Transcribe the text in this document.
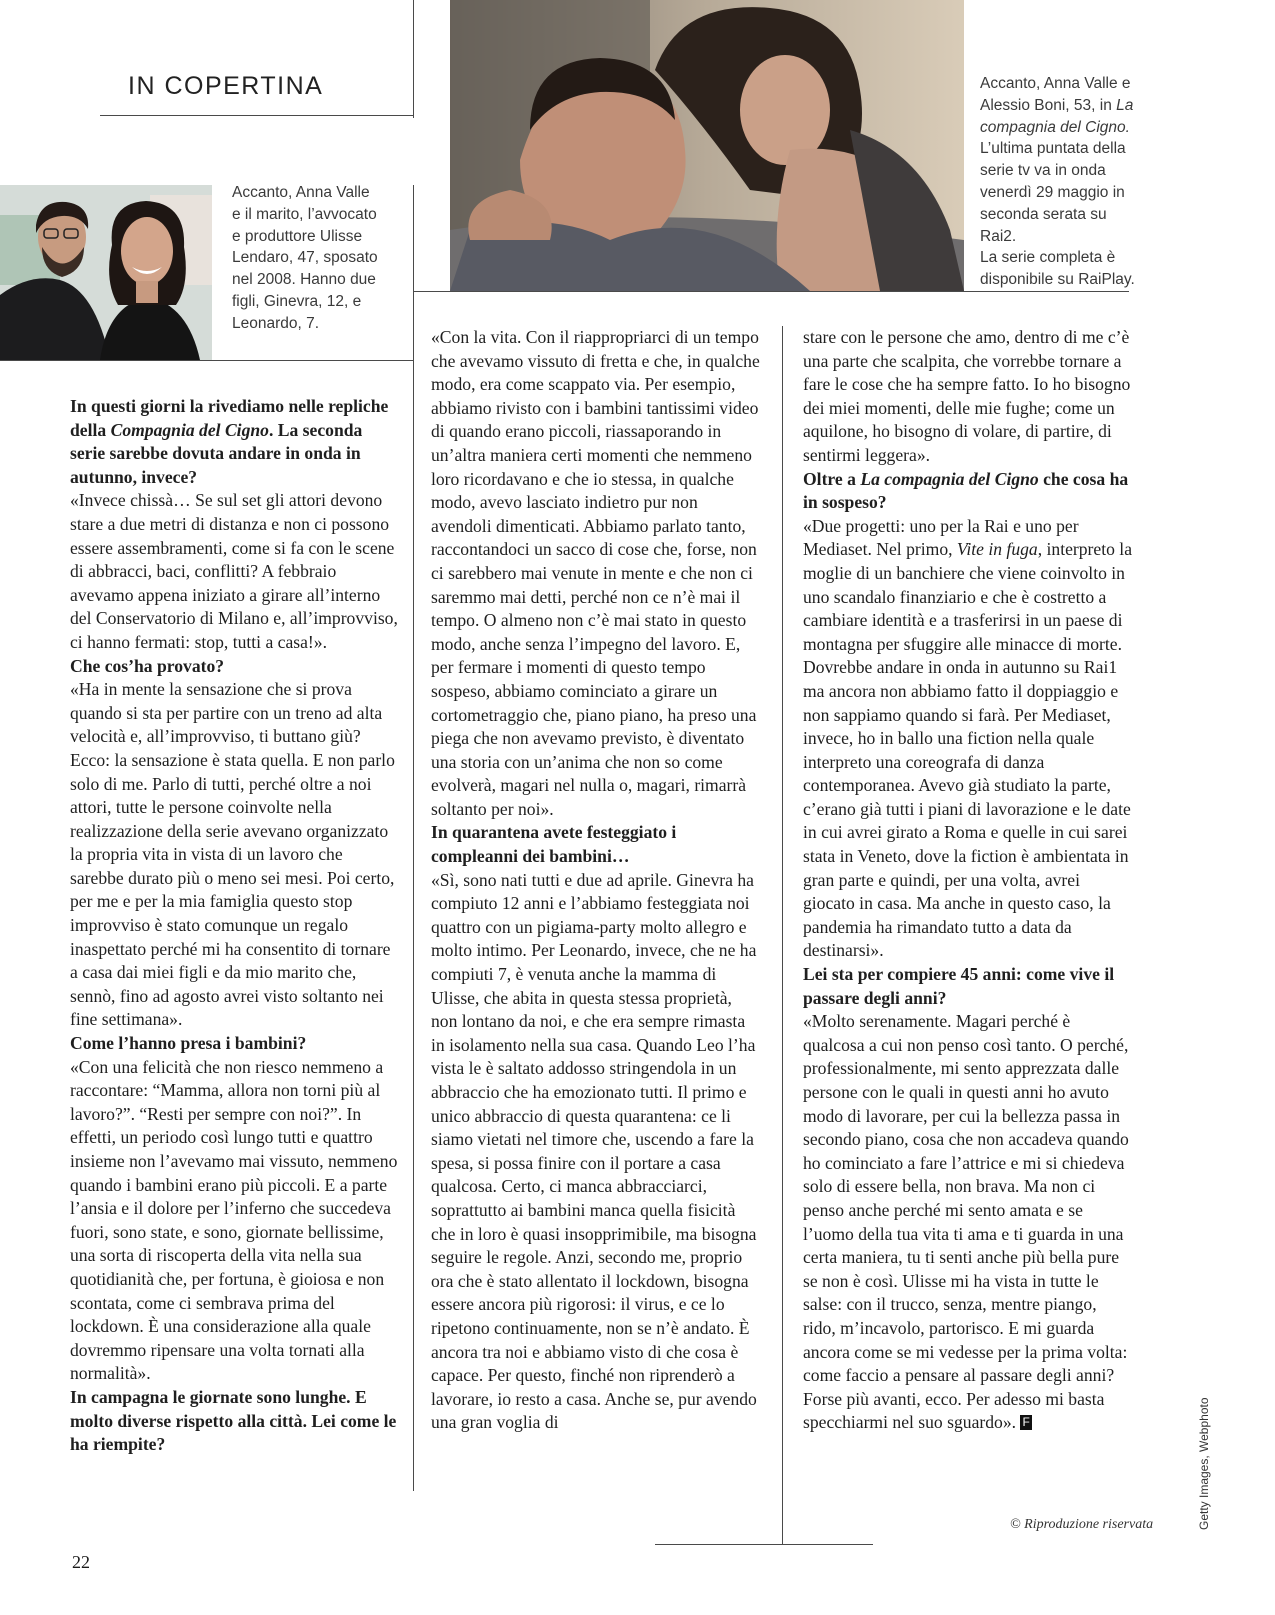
IN COPERTINA
Accanto, Anna Valle
e il marito, l’avvocato
e produttore Ulisse
Lendaro, 47, sposato
nel 2008. Hanno due
figli, Ginevra, 12, e
Leonardo, 7.
Accanto, Anna Valle e
Alessio Boni, 53, in La
compagnia del Cigno.
L’ultima puntata della
serie tv va in onda
venerdì 29 maggio in
seconda serata su Rai2.
La serie completa è
disponibile su RaiPlay.

In questi giorni la rivediamo nelle repliche della Compagnia del Cigno. La seconda serie sarebbe dovuta andare in onda in autunno, invece?

«Invece chissà… Se sul set gli attori devono stare a due metri di distanza e non ci possono essere assembramenti, come si fa con le scene di abbracci, baci, conflitti? A febbraio avevamo appena iniziato a girare all’interno del Conservatorio di Milano e, all’improvviso, ci hanno fermati: stop, tutti a casa!».

Che cos’ha provato?

«Ha in mente la sensazione che si prova quando si sta per partire con un treno ad alta velocità e, all’improvviso, ti buttano giù? Ecco: la sensazione è stata quella. E non parlo solo di me. Parlo di tutti, perché oltre a noi attori, tutte le persone coinvolte nella realizzazione della serie avevano organizzato la propria vita in vista di un lavoro che sarebbe durato più o meno sei mesi. Poi certo, per me e per la mia famiglia questo stop improvviso è stato comunque un regalo inaspettato perché mi ha consentito di tornare a casa dai miei figli e da mio marito che, sennò, fino ad agosto avrei visto soltanto nei fine settimana».

Come l’hanno presa i bambini?

«Con una felicità che non riesco nemmeno a raccontare: “Mamma, allora non torni più al lavoro?”. “Resti per sempre con noi?”. In effetti, un periodo così lungo tutti e quattro insieme non l’avevamo mai vissuto, nemmeno quando i bambini erano più piccoli. E a parte l’ansia e il dolore per l’inferno che succedeva fuori, sono state, e sono, giornate bellissime, una sorta di riscoperta della vita nella sua quotidianità che, per fortuna, è gioiosa e non scontata, come ci sembrava prima del lockdown. È una considerazione alla quale dovremmo ripensare una volta tornati alla normalità».

In campagna le giornate sono lunghe. E molto diverse rispetto alla città. Lei come le ha riempite?

«Con la vita. Con il riappropriarci di un tempo che avevamo vissuto di fretta e che, in qualche modo, era come scappato via. Per esempio, abbiamo rivisto con i bambini tantissimi video di quando erano piccoli, riassaporando in un’altra maniera certi momenti che nemmeno loro ricordavano e che io stessa, in qualche modo, avevo lasciato indietro pur non avendoli dimenticati. Abbiamo parlato tanto, raccontandoci un sacco di cose che, forse, non ci sarebbero mai venute in mente e che non ci saremmo mai detti, perché non ce n’è mai il tempo. O almeno non c’è mai stato in questo modo, anche senza l’impegno del lavoro. E, per fermare i momenti di questo tempo sospeso, abbiamo cominciato a girare un cortometraggio che, piano piano, ha preso una piega che non avevamo previsto, è diventato una storia con un’anima che non so come evolverà, magari nel nulla o, magari, rimarrà soltanto per noi».

In quarantena avete festeggiato i compleanni dei bambini…

«Sì, sono nati tutti e due ad aprile. Ginevra ha compiuto 12 anni e l’abbiamo festeggiata noi quattro con un pigiama-party molto allegro e molto intimo. Per Leonardo, invece, che ne ha compiuti 7, è venuta anche la mamma di Ulisse, che abita in questa stessa proprietà, non lontano da noi, e che era sempre rimasta in isolamento nella sua casa. Quando Leo l’ha vista le è saltato addosso stringendola in un abbraccio che ha emozionato tutti. Il primo e unico abbraccio di questa quarantena: ce li siamo vietati nel timore che, uscendo a fare la spesa, si possa finire con il portare a casa qualcosa. Certo, ci manca abbracciarci, soprattutto ai bambini manca quella fisicità che in loro è quasi insopprimibile, ma bisogna seguire le regole. Anzi, secondo me, proprio ora che è stato allentato il lockdown, bisogna essere ancora più rigorosi: il virus, e ce lo ripetono continuamente, non se n’è andato. È ancora tra noi e abbiamo visto di che cosa è capace. Per questo, finché non riprenderò a lavorare, io resto a casa. Anche se, pur avendo una gran voglia di

stare con le persone che amo, dentro di me c’è una parte che scalpita, che vorrebbe tornare a fare le cose che ha sempre fatto. Io ho bisogno dei miei momenti, delle mie fughe; come un aquilone, ho bisogno di volare, di partire, di sentirmi leggera».

Oltre a La compagnia del Cigno che cosa ha in sospeso?

«Due progetti: uno per la Rai e uno per Mediaset. Nel primo, Vite in fuga, interpreto la moglie di un banchiere che viene coinvolto in uno scandalo finanziario e che è costretto a cambiare identità e a trasferirsi in un paese di montagna per sfuggire alle minacce di morte. Dovrebbe andare in onda in autunno su Rai1 ma ancora non abbiamo fatto il doppiaggio e non sappiamo quando si farà. Per Mediaset, invece, ho in ballo una fiction nella quale interpreto una coreografa di danza contemporanea. Avevo già studiato la parte, c’erano già tutti i piani di lavorazione e le date in cui avrei girato a Roma e quelle in cui sarei stata in Veneto, dove la fiction è ambientata in gran parte e quindi, per una volta, avrei giocato in casa. Ma anche in questo caso, la pandemia ha rimandato tutto a data da destinarsi».

Lei sta per compiere 45 anni: come vive il passare degli anni?

«Molto serenamente. Magari perché è qualcosa a cui non penso così tanto. O perché, professionalmente, mi sento apprezzata dalle persone con le quali in questi anni ho avuto modo di lavorare, per cui la bellezza passa in secondo piano, cosa che non accadeva quando ho cominciato a fare l’attrice e mi si chiedeva solo di essere bella, non brava. Ma non ci penso anche perché mi sento amata e se l’uomo della tua vita ti ama e ti guarda in una certa maniera, tu ti senti anche più bella pure se non è così. Ulisse mi ha vista in tutte le salse: con il trucco, senza, mentre piango, rido, m’incavolo, partorisco. E mi guarda ancora come se mi vedesse per la prima volta: come faccio a pensare al passare degli anni? Forse più avanti, ecco. Per adesso mi basta specchiarmi nel suo sguardo». F

© Riproduzione riservata
22
Getty Images, Webphoto
